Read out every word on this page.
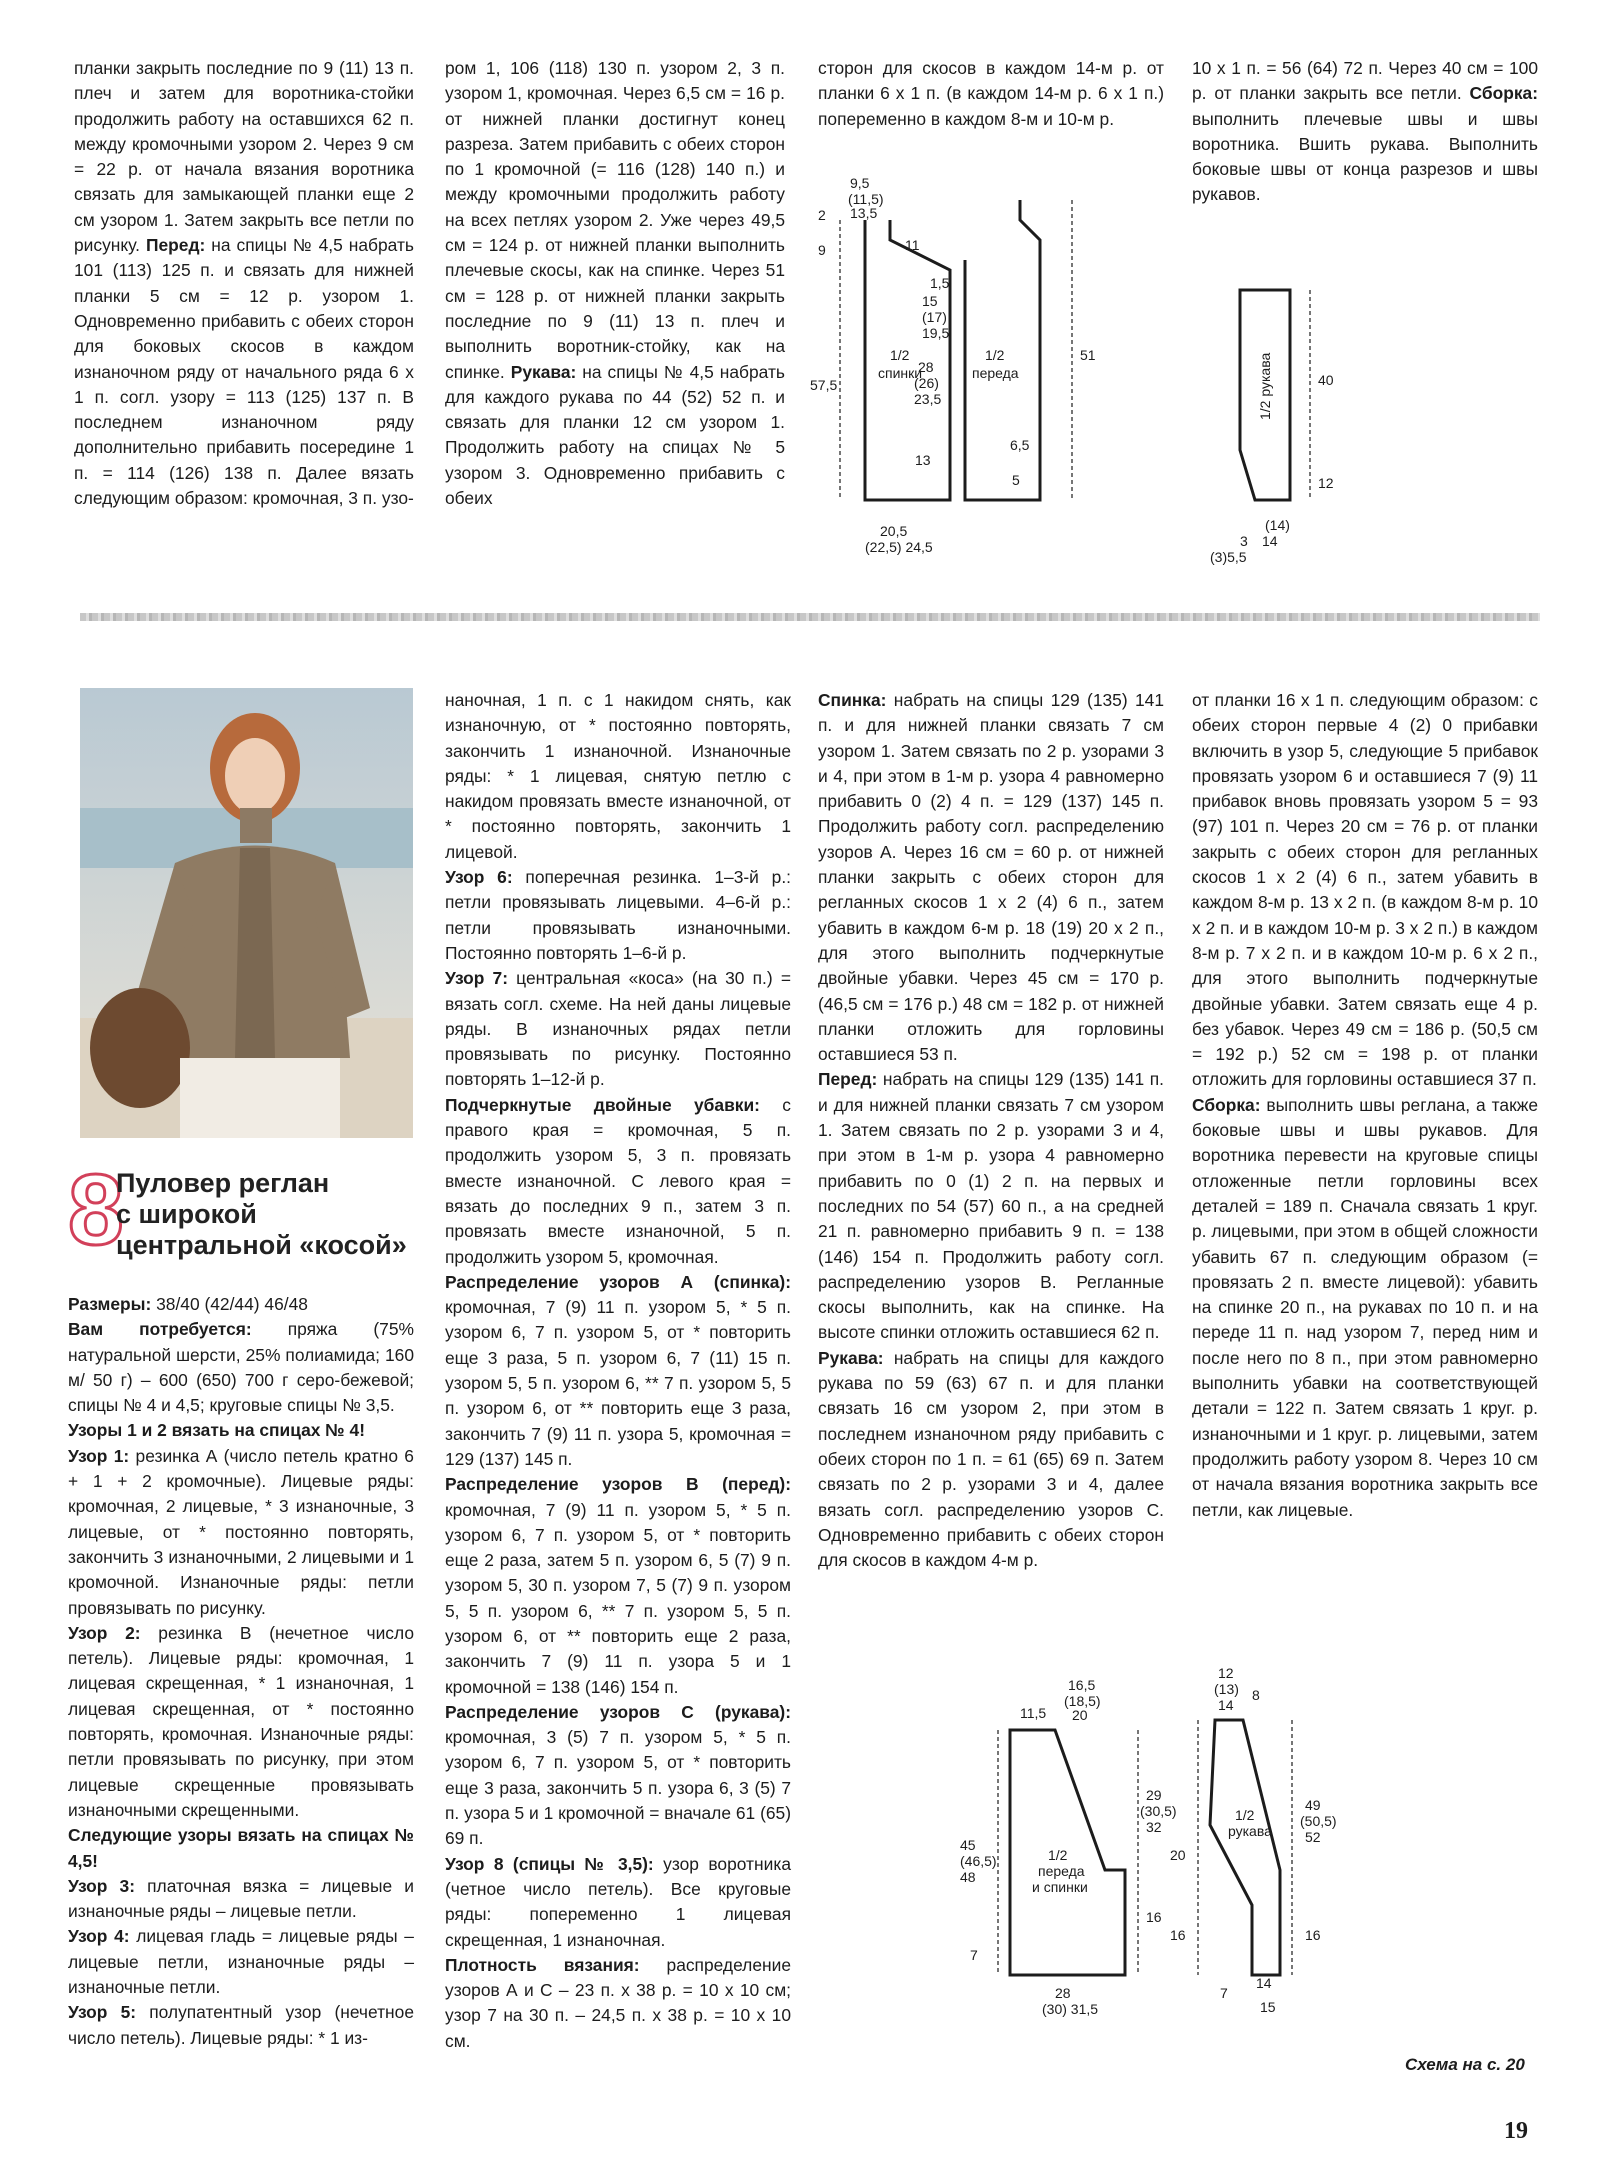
планки закрыть последние по 9 (11) 13 п. плеч и затем для воротника-стойки продолжить работу на оставшихся 62 п. между кромочными узором 2. Через 9 см = 22 р. от начала вязания воротника связать для замыкающей планки еще 2 см узором 1. Затем закрыть все петли по рисунку. Перед: на спицы № 4,5 набрать 101 (113) 125 п. и связать для нижней планки 5 см = 12 р. узором 1. Одновременно прибавить с обеих сторон для боковых скосов в каждом изнаночном ряду от начального ряда 6 х 1 п. согл. узору = 113 (125) 137 п. В последнем изнаночном ряду дополнительно прибавить посередине 1 п. = 114 (126) 138 п. Далее вязать следующим образом: кромочная, 3 п. узо-

ром 1, 106 (118) 130 п. узором 2, 3 п. узором 1, кромочная. Через 6,5 см = 16 р. от нижней планки достигнут конец разреза. Затем прибавить с обеих сторон по 1 кромочной (= 116 (128) 140 п.) и между кромочными продолжить работу на всех петлях узором 2. Уже через 49,5 см = 124 р. от нижней планки выполнить плечевые скосы, как на спинке. Через 51 см = 128 р. от нижней планки закрыть последние по 9 (11) 13 п. плеч и выполнить воротник-стойку, как на спинке. Рукава: на спицы № 4,5 набрать для каждого рукава по 44 (52) 52 п. и связать для планки 12 см узором 1. Продолжить работу на спицах № 5 узором 3. Одновременно прибавить с обеих

сторон для скосов в каждом 14-м р. от планки 6 x 1 п. (в каждом 14-м р. 6 x 1 п.) попеременно в каждом 8-м и 10-м р.

10 х 1 п. = 56 (64) 72 п. Через 40 см = 100 р. от планки закрыть все петли. Сборка: выполнить плечевые швы и швы воротника. Вшить рукава. Выполнить боковые швы от конца разрезов и швы рукавов.

1/2
спинки
1/2
переда	1/2 рукава
9,5
(11,5)
13,5
11
2
9
57,5
1,5
15
(17)
19,5
28
(26)
23,5
13
6,5
5
51
20,5
(22,5) 24,5
40
12
(14)
14
3
(3)5,5
8
Пуловер реглан
с широкой
центральной «косой»

Размеры: 38/40 (42/44) 46/48

Вам потребуется: пряжа (75% натуральной шерсти, 25% полиамида; 160 м/ 50 г) – 600 (650) 700 г серо-бежевой; спицы № 4 и 4,5; круговые спицы № 3,5.

Узоры 1 и 2 вязать на спицах № 4!

Узор 1: резинка А (число петель кратно 6 + 1 + 2 кромочные). Лицевые ряды: кромочная, 2 лицевые, * 3 изнаночные, 3 лицевые, от * постоянно повторять, закончить 3 изнаночными, 2 лицевыми и 1 кромочной. Изнаночные ряды: петли провязывать по рисунку.

Узор 2: резинка В (нечетное число петель). Лицевые ряды: кромочная, 1 лицевая скрещенная, * 1 изнаночная, 1 лицевая скрещенная, от * постоянно повторять, кромочная. Изнаночные ряды: петли провязывать по рисунку, при этом лицевые скрещенные провязывать изнаночными скрещенными.

Следующие узоры вязать на спицах № 4,5!

Узор 3: платочная вязка = лицевые и изнаночные ряды – лицевые петли.

Узор 4: лицевая гладь = лицевые ряды – лицевые петли, изнаночные ряды – изнаночные петли.

Узор 5: полупатентный узор (нечетное число петель). Лицевые ряды: * 1 из-

наночная, 1 п. с 1 накидом снять, как изнаночную, от * постоянно повторять, закончить 1 изнаночной. Изнаночные ряды: * 1 лицевая, снятую петлю с накидом провязать вместе изнаночной, от * постоянно повторять, закончить 1 лицевой.

Узор 6: поперечная резинка. 1–3-й р.: петли провязывать лицевыми. 4–6-й р.: петли провязывать изнаночными. Постоянно повторять 1–6-й р.

Узор 7: центральная «коса» (на 30 п.) = вязать согл. схеме. На ней даны лицевые ряды. В изнаночных рядах петли провязывать по рисунку. Постоянно повторять 1–12-й р.

Подчеркнутые двойные убавки: с правого края = кромочная, 5 п. продолжить узором 5, 3 п. провязать вместе изнаночной. С левого края = вязать до последних 9 п., затем 3 п. провязать вместе изнаночной, 5 п. продолжить узором 5, кромочная.

Распределение узоров А (спинка): кромочная, 7 (9) 11 п. узором 5, * 5 п. узором 6, 7 п. узором 5, от * повторить еще 3 раза, 5 п. узором 6, 7 (11) 15 п. узором 5, 5 п. узором 6, ** 7 п. узором 5, 5 п. узором 6, от ** повторить еще 3 раза, закончить 7 (9) 11 п. узора 5, кромочная = 129 (137) 145 п.

Распределение узоров В (перед): кромочная, 7 (9) 11 п. узором 5, * 5 п. узором 6, 7 п. узором 5, от * повторить еще 2 раза, затем 5 п. узором 6, 5 (7) 9 п. узором 5, 30 п. узором 7, 5 (7) 9 п. узором 5, 5 п. узором 6, ** 7 п. узором 5, 5 п. узором 6, от ** повторить еще 2 раза, закончить 7 (9) 11 п. узора 5 и 1 кромочной = 138 (146) 154 п.

Распределение узоров С (рукава): кромочная, 3 (5) 7 п. узором 5, * 5 п. узором 6, 7 п. узором 5, от * повторить еще 3 раза, закончить 5 п. узора 6, 3 (5) 7 п. узора 5 и 1 кромочной = вначале 61 (65) 69 п.

Узор 8 (спицы № 3,5): узор воротника (четное число петель). Все круговые ряды: попеременно 1 лицевая скрещенная, 1 изнаночная.

Плотность вязания: распределение узоров А и С – 23 п. х 38 р. = 10 х 10 см; узор 7 на 30 п. – 24,5 п. х 38 р. = 10 х 10 см.

Спинка: набрать на спицы 129 (135) 141 п. и для нижней планки связать 7 см узором 1. Затем связать по 2 р. узорами 3 и 4, при этом в 1-м р. узора 4 равномерно прибавить 0 (2) 4 п. = 129 (137) 145 п. Продолжить работу согл. распределению узоров А. Через 16 см = 60 р. от нижней планки закрыть с обеих сторон для регланных скосов 1 х 2 (4) 6 п., затем убавить в каждом 6-м р. 18 (19) 20 х 2 п., для этого выполнить подчеркнутые двойные убавки. Через 45 см = 170 р. (46,5 см = 176 р.) 48 см = 182 р. от нижней планки отложить для горловины оставшиеся 53 п.

Перед: набрать на спицы 129 (135) 141 п. и для нижней планки связать 7 см узором 1. Затем связать по 2 р. узорами 3 и 4, при этом в 1-м р. узора 4 равномерно прибавить по 0 (1) 2 п. на первых и последних по 54 (57) 60 п., а на средней 21 п. равномерно прибавить 9 п. = 138 (146) 154 п. Продолжить работу согл. распределению узоров В. Регланные скосы выполнить, как на спинке. На высоте спинки отложить оставшиеся 62 п.

Рукава: набрать на спицы для каждого рукава по 59 (63) 67 п. и для планки связать 16 см узором 2, при этом в последнем изнаночном ряду прибавить с обеих сторон по 1 п. = 61 (65) 69 п. Затем связать по 2 р. узорами 3 и 4, далее вязать согл. распределению узоров С. Одновременно прибавить с обеих сторон для скосов в каждом 4-м р.

от планки 16 х 1 п. следующим образом: с обеих сторон первые 4 (2) 0 прибавки включить в узор 5, следующие 5 прибавок провязать узором 6 и оставшиеся 7 (9) 11 прибавок вновь провязать узором 5 = 93 (97) 101 п. Через 20 см = 76 р. от планки закрыть с обеих сторон для регланных скосов 1 х 2 (4) 6 п., затем убавить в каждом 8-м р. 13 х 2 п. (в каждом 8-м р. 10 х 2 п. и в каждом 10-м р. 3 х 2 п.) в каждом 8-м р. 7 х 2 п. и в каждом 10-м р. 6 х 2 п., для этого выполнить подчеркнутые двойные убавки. Затем связать еще 4 р. без убавок. Через 49 см = 186 р. (50,5 см = 192 р.) 52 см = 198 р. от планки отложить для горловины оставшиеся 37 п.

Сборка: выполнить швы реглана, а также боковые швы и швы рукавов. Для воротника перевести на круговые спицы отложенные петли горловины всех деталей = 189 п. Сначала связать 1 круг. р. лицевыми, при этом в общей сложности убавить 67 п. следующим образом (= провязать 2 п. вместе лицевой): убавить на спинке 20 п., на рукавах по 10 п. и на переде 11 п. над узором 7, перед ним и после него по 8 п., при этом равномерно выполнить убавки на соответствующей детали = 122 п. Затем связать 1 круг. р. изнаночными и 1 круг. р. лицевыми, затем продолжить работу узором 8. Через 10 см от начала вязания воротника закрыть все петли, как лицевые.

1/2
переда
и спинки
1/2
рукава
11,5
16,5
(18,5)
20
29
(30,5)
32
45
(46,5)
48
16
7
28
(30) 31,5
12
(13)
14
8
49
(50,5)
52
20
16	16
7
14
15
Схема на с. 20
19
